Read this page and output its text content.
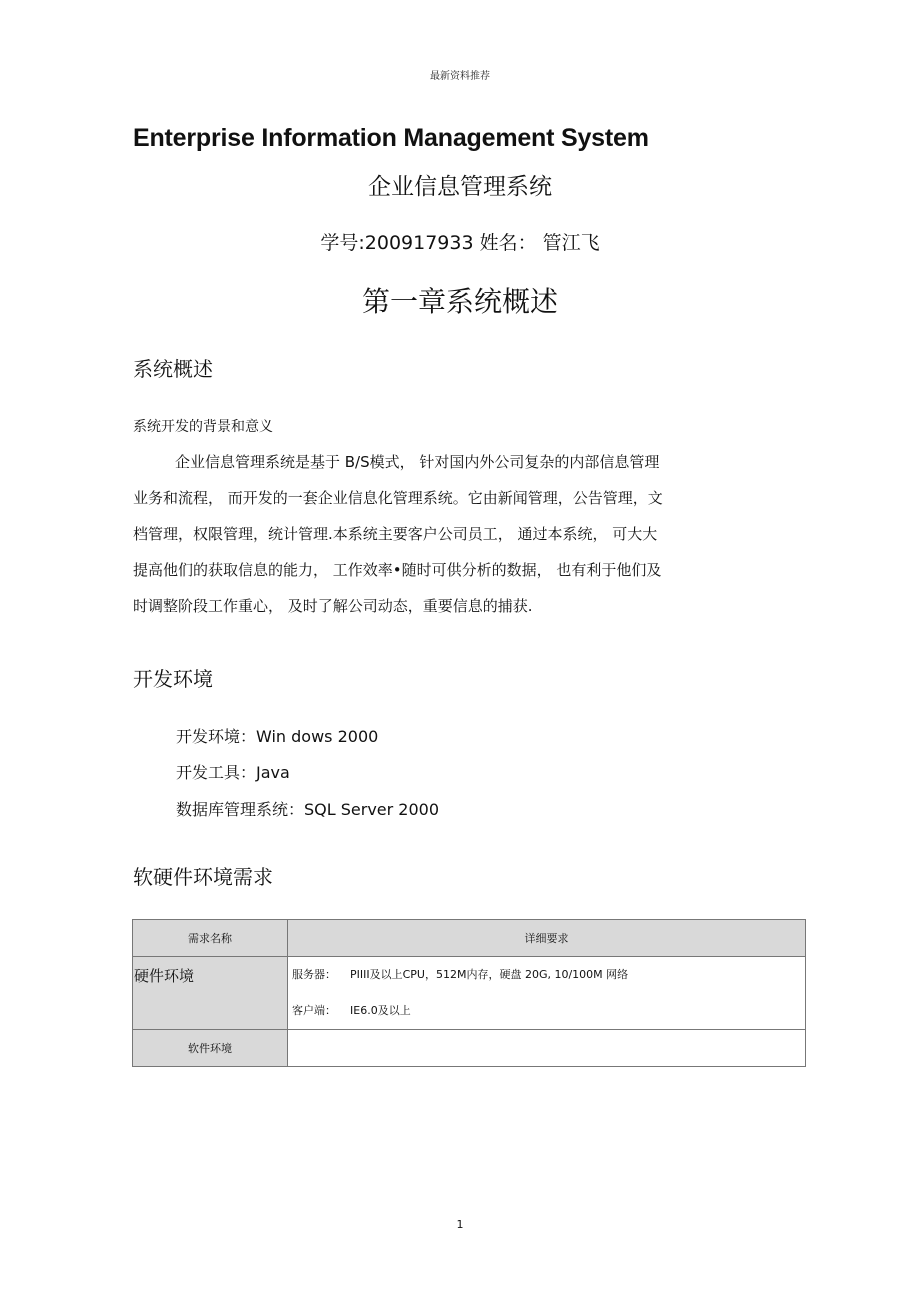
最新资料推荐
Enterprise Information Management System
企业信息管理系统
学号:200917933 姓名： 管江飞
第一章系统概述
系统概述
系统开发的背景和意义

企业信息管理系统是基于 B/S模式， 针对国内外公司复杂的内部信息管理

业务和流程， 而开发的一套企业信息化管理系统。它由新闻管理，公告管理，文

档管理，权限管理，统计管理.本系统主要客户公司员工， 通过本系统， 可大大

提高他们的获取信息的能力， 工作效率•随时可供分析的数据， 也有利于他们及

时调整阶段工作重心， 及时了解公司动态，重要信息的捕获.

开发环境
开发环境：Win dows 2000
开发工具：Java
数据库管理系统：SQL Server 2000
软硬件环境需求
需求名称	详细要求
硬件环境	服务器： PIIII及以上CPU，512M内存，硬盘 20G, 10/100M 网络
客户端： IE6.0及以上

软件环境	
1
